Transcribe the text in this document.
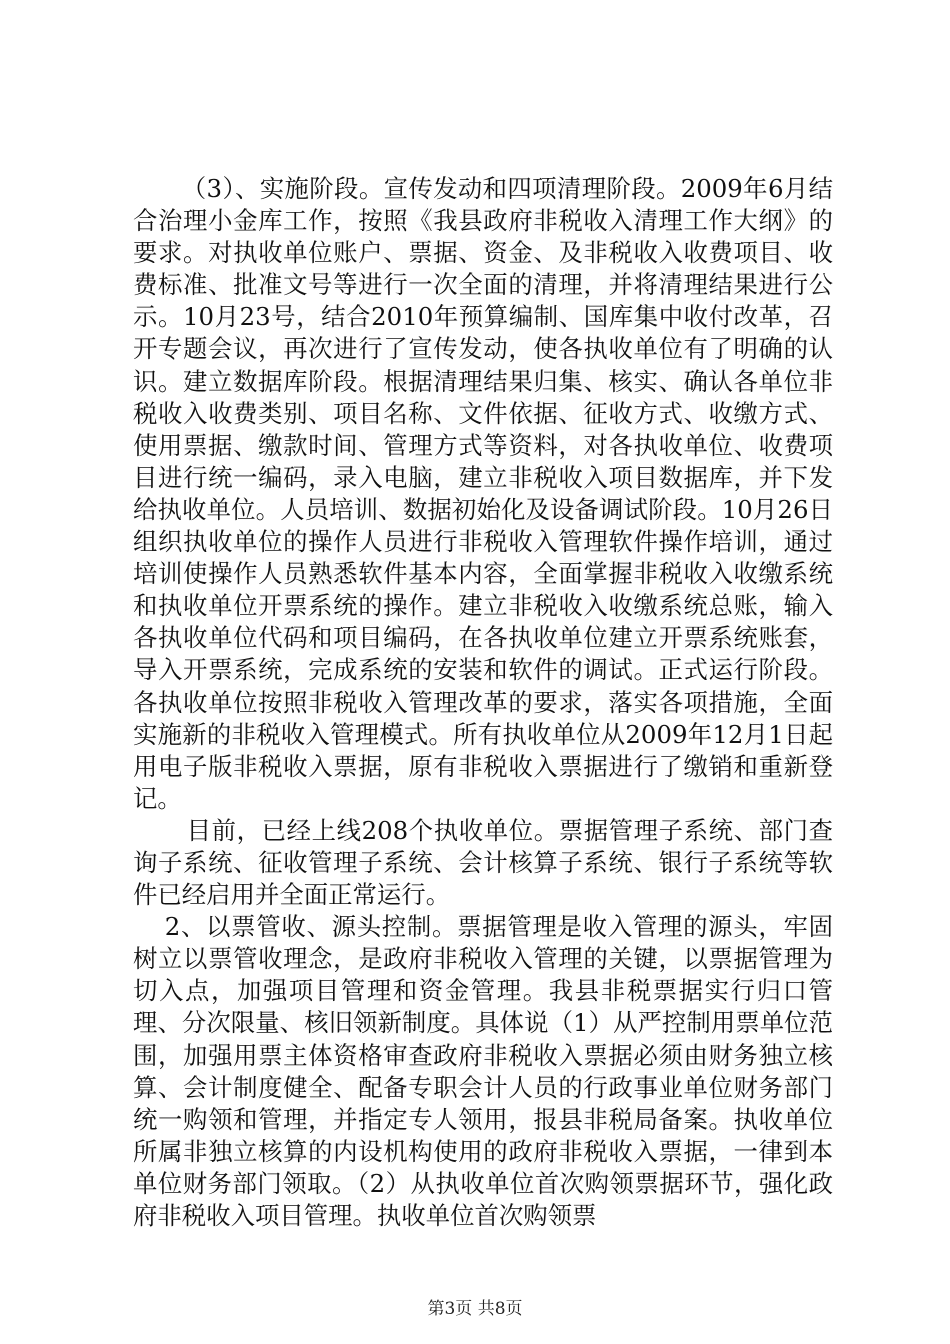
（3）、实施阶段。宣传发动和四项清理阶段。2009年6月结合治理小金库工作，按照《我县政府非税收入清理工作大纲》的要求。对执收单位账户、票据、资金、及非税收入收费项目、收费标准、批准文号等进行一次全面的清理，并将清理结果进行公示。10月23号，结合2010年预算编制、国库集中收付改革，召开专题会议，再次进行了宣传发动，使各执收单位有了明确的认识。建立数据库阶段。根据清理结果归集、核实、确认各单位非税收入收费类别、项目名称、文件依据、征收方式、收缴方式、使用票据、缴款时间、管理方式等资料，对各执收单位、收费项目进行统一编码，录入电脑，建立非税收入项目数据库，并下发给执收单位。人员培训、数据初始化及设备调试阶段。10月26日组织执收单位的操作人员进行非税收入管理软件操作培训，通过培训使操作人员熟悉软件基本内容，全面掌握非税收入收缴系统和执收单位开票系统的操作。建立非税收入收缴系统总账，输入各执收单位代码和项目编码，在各执收单位建立开票系统账套，导入开票系统，完成系统的安装和软件的调试。正式运行阶段。各执收单位按照非税收入管理改革的要求，落实各项措施，全面实施新的非税收入管理模式。所有执收单位从2009年12月1日起用电子版非税收入票据，原有非税收入票据进行了缴销和重新登记。

目前，已经上线208个执收单位。票据管理子系统、部门查询子系统、征收管理子系统、会计核算子系统、银行子系统等软件已经启用并全面正常运行。

2、以票管收、源头控制。票据管理是收入管理的源头，牢固树立以票管收理念，是政府非税收入管理的关键，以票据管理为切入点，加强项目管理和资金管理。我县非税票据实行归口管理、分次限量、核旧领新制度。具体说（1）从严控制用票单位范围，加强用票主体资格审查政府非税收入票据必须由财务独立核算、会计制度健全、配备专职会计人员的行政事业单位财务部门统一购领和管理，并指定专人领用，报县非税局备案。执收单位所属非独立核算的内设机构使用的政府非税收入票据，一律到本单位财务部门领取。（2）从执收单位首次购领票据环节，强化政府非税收入项目管理。执收单位首次购领票

第3页 共8页
